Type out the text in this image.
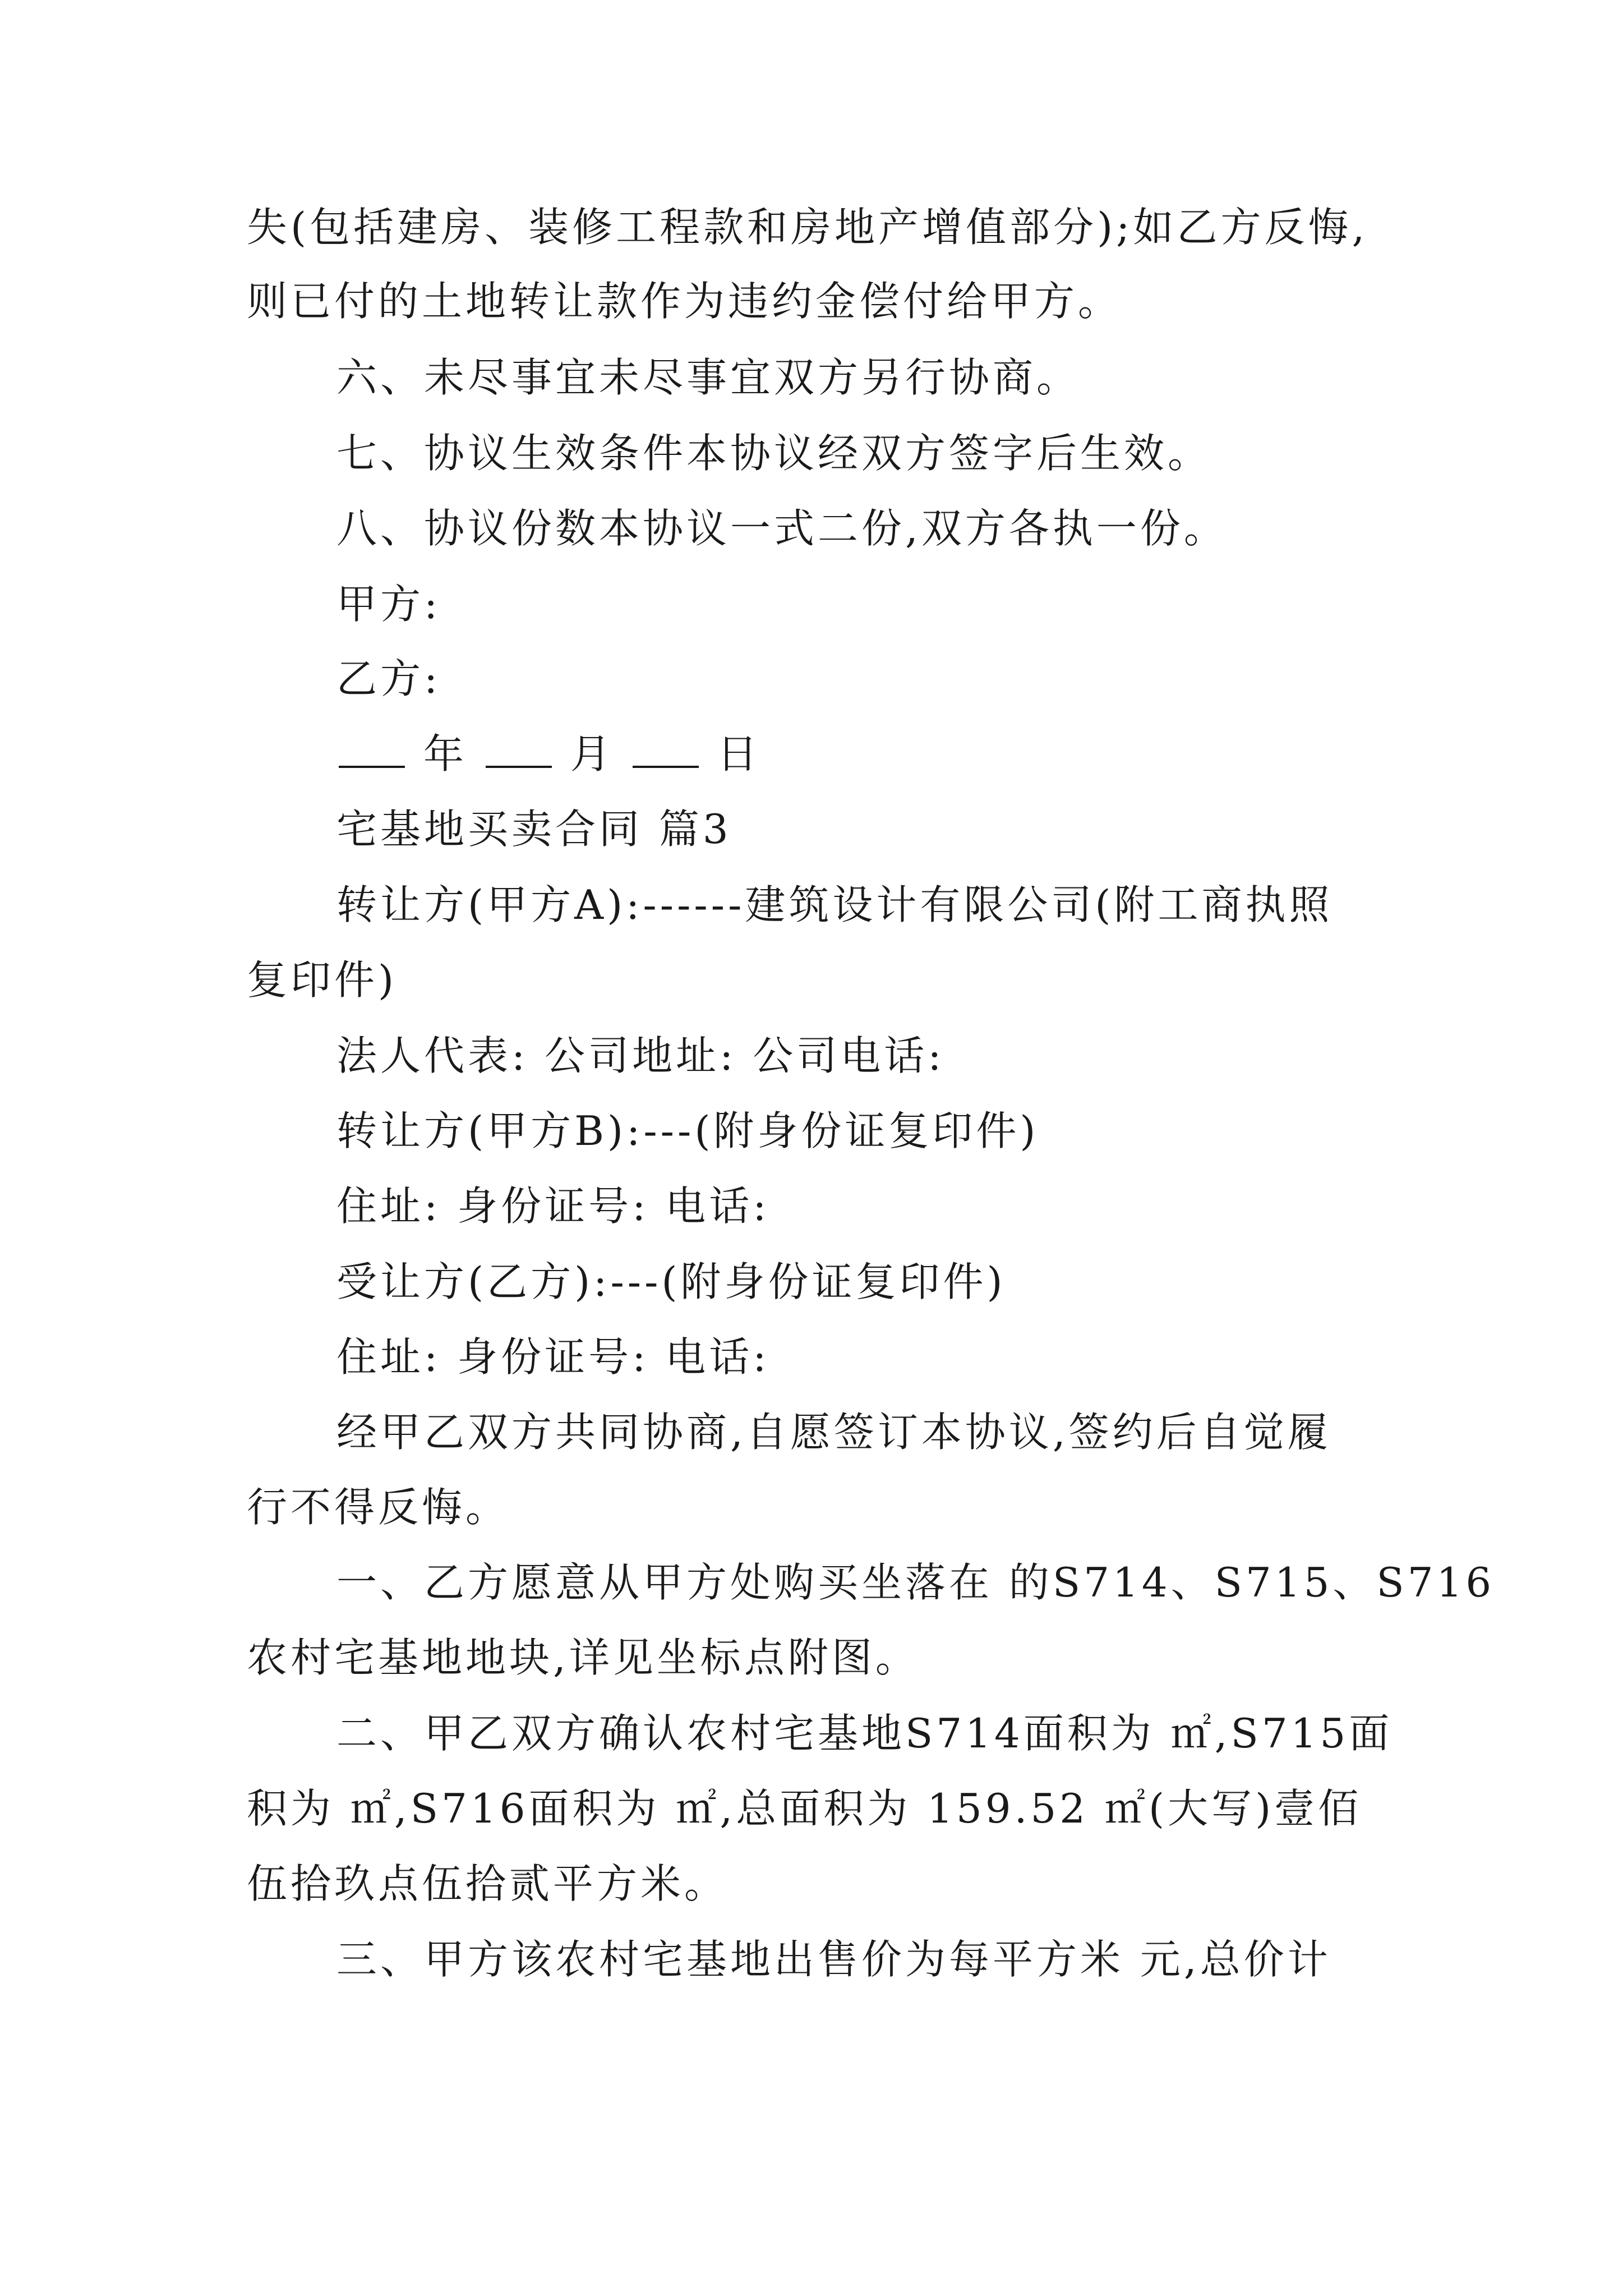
失(包括建房、装修工程款和房地产增值部分);如乙方反悔,
则已付的土地转让款作为违约金偿付给甲方。
六、未尽事宜未尽事宜双方另行协商。
七、协议生效条件本协议经双方签字后生效。
八、协议份数本协议一式二份,双方各执一份。
甲方:
乙方:
年	月	日
宅基地买卖合同 篇3
转让方(甲方A):------建筑设计有限公司(附工商执照
复印件)
法人代表: 公司地址: 公司电话:
转让方(甲方B):---(附身份证复印件)
住址: 身份证号: 电话:
受让方(乙方):---(附身份证复印件)
住址: 身份证号: 电话:
经甲乙双方共同协商,自愿签订本协议,签约后自觉履
行不得反悔。
一、乙方愿意从甲方处购买坐落在 的S714、S715、S716
农村宅基地地块,详见坐标点附图。
二、甲乙双方确认农村宅基地S714面积为 ㎡,S715面
积为 ㎡,S716面积为 ㎡,总面积为 159.52 ㎡(大写)壹佰
伍拾玖点伍拾贰平方米。
三、甲方该农村宅基地出售价为每平方米 元,总价计
